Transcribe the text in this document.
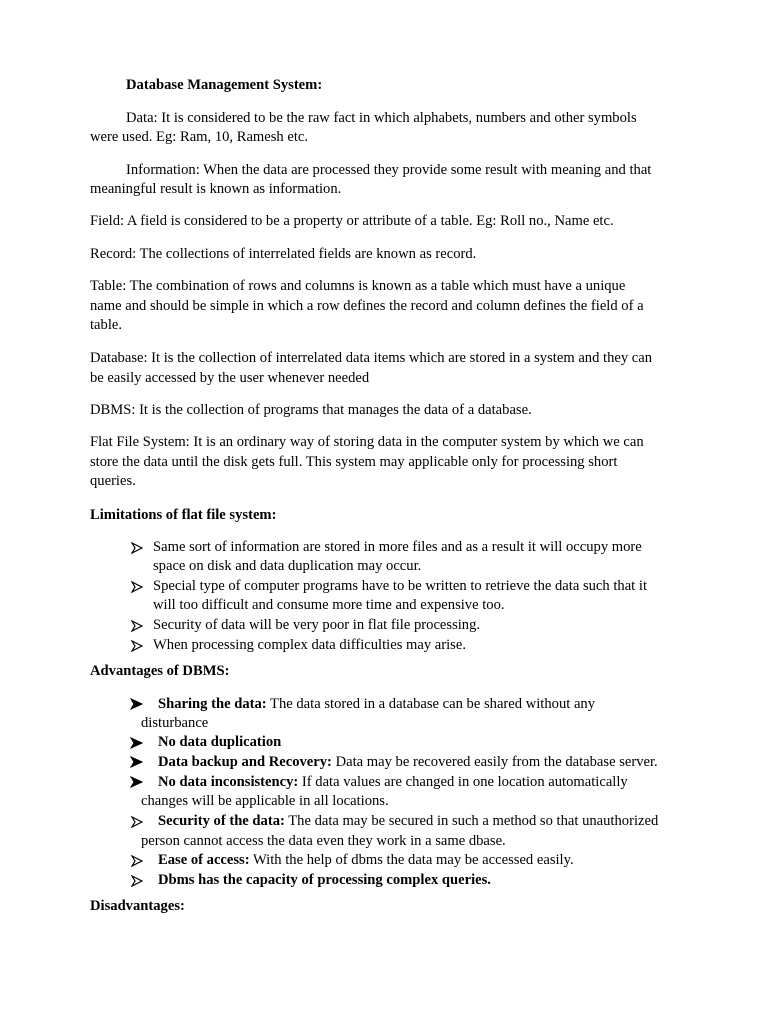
Database Management System:

Data: It is considered to be the raw fact in which alphabets, numbers and other symbols

were used. Eg: Ram, 10, Ramesh etc.

Information: When the data are processed they provide some result with meaning and that

meaningful result is known as information.

Field: A field is considered to be a property or attribute of a table. Eg: Roll no., Name etc.

Record: The collections of interrelated fields are known as record.

Table: The combination of rows and columns is known as a table which must have a unique

name and should be simple in which a row defines the record and column defines the field of a

table.

Database: It is the collection of interrelated data items which are stored in a system and they can

be easily accessed by the user whenever needed

DBMS: It is the collection of programs that manages the data of a database.

Flat File System: It is an ordinary way of storing data in the computer system by which we can

store the data until the disk gets full. This system may applicable only for processing short

queries.

Limitations of flat file system:

Same sort of information are stored in more files and as a result it will occupy more

space on disk and data duplication may occur.

Special type of computer programs have to be written to retrieve the data such that it

will too difficult and consume more time and expensive too.

Security of data will be very poor in flat file processing.

When processing complex data difficulties may arise.

Advantages of DBMS:

Sharing the data: The data stored in a database can be shared without any

disturbance

No data duplication

Data backup and Recovery: Data may be recovered easily from the database server.

No data inconsistency: If data values are changed in one location automatically

changes will be applicable in all locations.

Security of the data: The data may be secured in such a method so that unauthorized

person cannot access the data even they work in a same dbase.

Ease of access: With the help of dbms the data may be accessed easily.

Dbms has the capacity of processing complex queries.

Disadvantages:
